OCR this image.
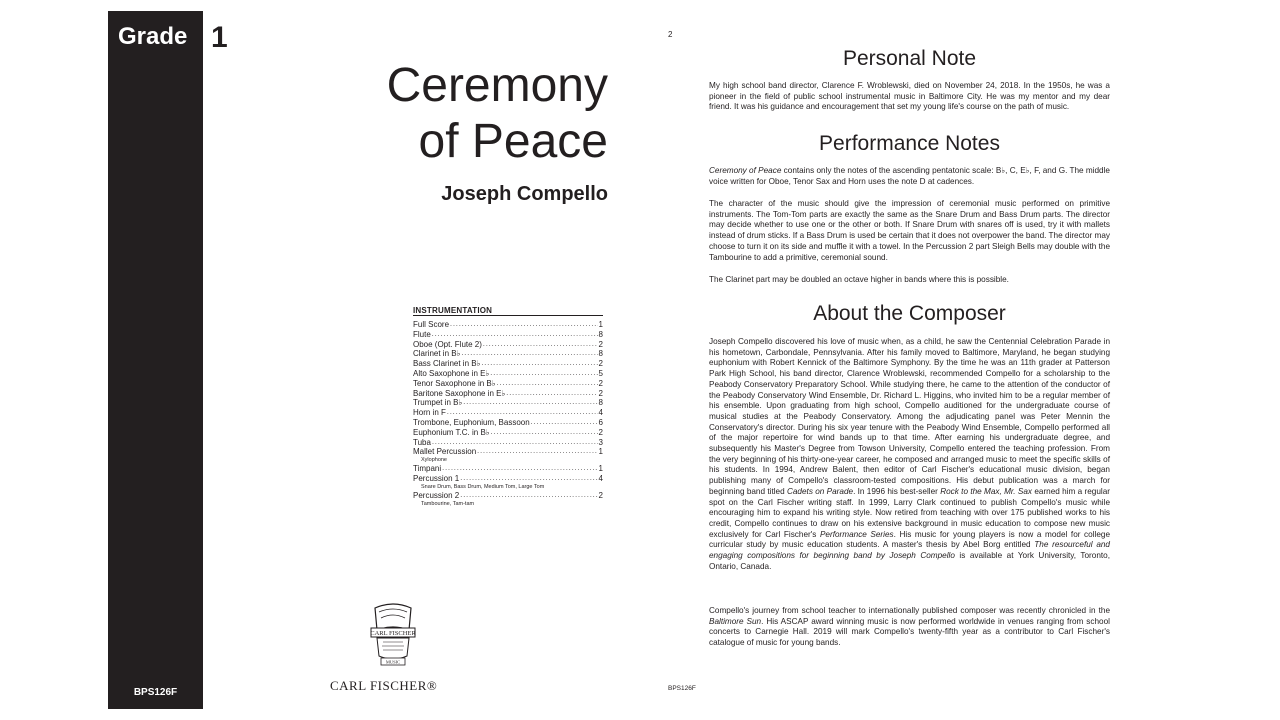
Grade
Music for Concert Band
BPS126F
1
Ceremony
of Peace
Joseph Compello
INSTRUMENTATION
Full Score .....	1
Flute .....	8
Oboe (Opt. Flute 2) .....	2
Clarinet in B♭ .....	8
Bass Clarinet in B♭ .....	2
Alto Saxophone in E♭ .....	5
Tenor Saxophone in B♭ .....	2
Baritone Saxophone in E♭ .....	2
Trumpet in B♭ .....	8
Horn in F .....	4
Trombone, Euphonium, Bassoon .....	6
Euphonium T.C. in B♭ .....	2
Tuba .....	3
Mallet Percussion .....	1
Xylophone
Timpani .....	1
Percussion 1 .....	4
Snare Drum, Bass Drum, Medium Tom, Large Tom
Percussion 2 .....	2
Tambourine, Tam-tam
CARL FISCHER
MUSIC
CARL FISCHER®
2
Personal Note
My high school band director, Clarence F. Wroblewski, died on November 24, 2018. In the 1950s, he was a pioneer in the field of public school instrumental music in Baltimore City. He was my mentor and my dear friend. It was his guidance and encouragement that set my young life's course on the path of music.
Performance Notes
Ceremony of Peace contains only the notes of the ascending pentatonic scale: B♭, C, E♭, F, and G. The middle voice written for Oboe, Tenor Sax and Horn uses the note D at cadences.
The character of the music should give the impression of ceremonial music performed on primitive instruments. The Tom-Tom parts are exactly the same as the Snare Drum and Bass Drum parts. The director may decide whether to use one or the other or both. If Snare Drum with snares off is used, try it with mallets instead of drum sticks. If a Bass Drum is used be certain that it does not overpower the band. The director may choose to turn it on its side and muffle it with a towel. In the Percussion 2 part Sleigh Bells may double with the Tambourine to add a primitive, ceremonial sound.
The Clarinet part may be doubled an octave higher in bands where this is possible.
About the Composer
Joseph Compello discovered his love of music when, as a child, he saw the Centennial Celebration Parade in his hometown, Carbondale, Pennsylvania. After his family moved to Baltimore, Maryland, he began studying euphonium with Robert Kennick of the Baltimore Symphony. By the time he was an 11th grader at Patterson Park High School, his band director, Clarence Wroblewski, recommended Compello for a scholarship to the Peabody Conservatory Preparatory School. While studying there, he came to the attention of the conductor of the Peabody Conservatory Wind Ensemble, Dr. Richard L. Higgins, who invited him to be a regular member of his ensemble. Upon graduating from high school, Compello auditioned for the undergraduate course of musical studies at the Peabody Conservatory. Among the adjudicating panel was Peter Mennin the Conservatory's director. During his six year tenure with the Peabody Wind Ensemble, Compello performed all of the major repertoire for wind bands up to that time. After earning his undergraduate degree, and subsequently his Master's Degree from Towson University, Compello entered the teaching profession. From the very beginning of his thirty-one-year career, he composed and arranged music to meet the specific skills of his students. In 1994, Andrew Balent, then editor of Carl Fischer's educational music division, began publishing many of Compello's classroom-tested compositions. His debut publication was a march for beginning band titled Cadets on Parade. In 1996 his best-seller Rock to the Max, Mr. Sax earned him a regular spot on the Carl Fischer writing staff. In 1999, Larry Clark continued to publish Compello's music while encouraging him to expand his writing style. Now retired from teaching with over 175 published works to his credit, Compello continues to draw on his extensive background in music education to compose new music exclusively for Carl Fischer's Performance Series. His music for young players is now a model for college curricular study by music education students. A master's thesis by Abel Borg entitled The resourceful and engaging compositions for beginning band by Joseph Compello is available at York University, Toronto, Ontario, Canada.
Compello's journey from school teacher to internationally published composer was recently chronicled in the Baltimore Sun. His ASCAP award winning music is now performed worldwide in venues ranging from school concerts to Carnegie Hall. 2019 will mark Compello's twenty-fifth year as a contributor to Carl Fischer's catalogue of music for young bands.
BPS126F
